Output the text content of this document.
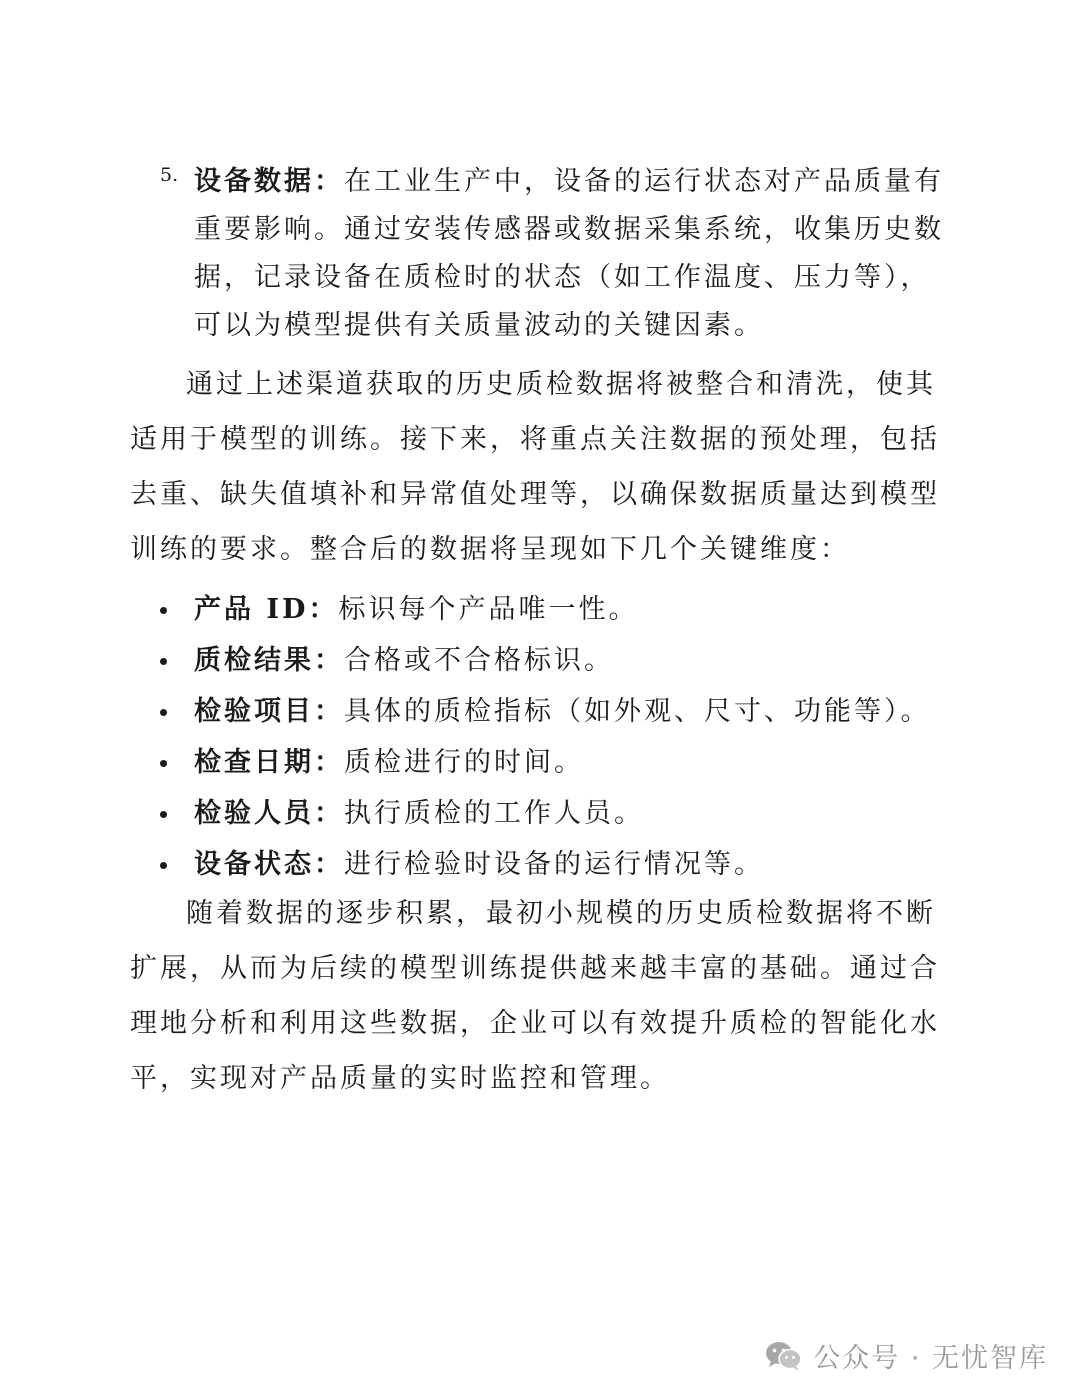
5. 设备数据：在工业生产中，设备的运行状态对产品质量有重要影响。通过安装传感器或数据采集系统，收集历史数据，记录设备在质检时的状态（如工作温度、压力等），可以为模型提供有关质量波动的关键因素。

通过上述渠道获取的历史质检数据将被整合和清洗，使其适用于模型的训练。接下来，将重点关注数据的预处理，包括去重、缺失值填补和异常值处理等，以确保数据质量达到模型训练的要求。整合后的数据将呈现如下几个关键维度：

产品 ID：标识每个产品唯一性。
质检结果：合格或不合格标识。
检验项目：具体的质检指标（如外观、尺寸、功能等）。
检查日期：质检进行的时间。
检验人员：执行质检的工作人员。
设备状态：进行检验时设备的运行情况等。

随着数据的逐步积累，最初小规模的历史质检数据将不断扩展，从而为后续的模型训练提供越来越丰富的基础。通过合理地分析和利用这些数据，企业可以有效提升质检的智能化水平，实现对产品质量的实时监控和管理。

公众号 · 无忧智库
